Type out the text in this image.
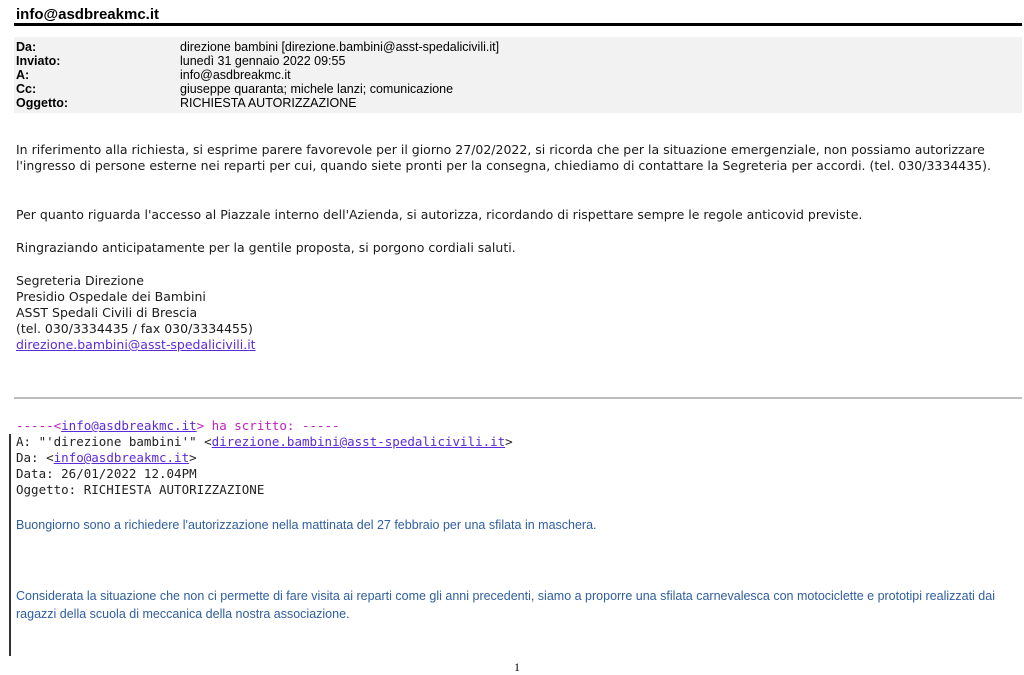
info@asdbreakmc.it
Da:	direzione bambini [direzione.bambini@asst-spedalicivili.it]
Inviato:	lunedì 31 gennaio 2022 09:55
A:	info@asdbreakmc.it
Cc:	giuseppe quaranta; michele lanzi; comunicazione
Oggetto:	RICHIESTA AUTORIZZAZIONE
In riferimento alla richiesta, si esprime parere favorevole per il giorno 27/02/2022, si ricorda che per la situazione emergenziale, non possiamo autorizzare l'ingresso di persone esterne nei reparti per cui, quando siete pronti per la consegna, chiediamo di contattare la Segreteria per accordi. (tel. 030/3334435).
Per quanto riguarda l'accesso al Piazzale interno dell'Azienda, si autorizza, ricordando di rispettare sempre le regole anticovid previste.
Ringraziando anticipatamente per la gentile proposta, si porgono cordiali saluti.
Segreteria Direzione
Presidio Ospedale dei Bambini
ASST Spedali Civili di Brescia
(tel. 030/3334435 / fax 030/3334455)
direzione.bambini@asst-spedalicivili.it
-----<info@asdbreakmc.it> ha scritto: -----
A: "'direzione bambini'" <direzione.bambini@asst-spedalicivili.it>
Da: <info@asdbreakmc.it>
Data: 26/01/2022 12.04PM
Oggetto: RICHIESTA AUTORIZZAZIONE
Buongiorno sono a richiedere l'autorizzazione nella mattinata del 27 febbraio per una sfilata in maschera.
Considerata la situazione che non ci permette di fare visita ai reparti come gli anni precedenti, siamo a proporre una sfilata carnevalesca con motociclette e prototipi realizzati dai ragazzi della scuola di meccanica della nostra associazione.
1
